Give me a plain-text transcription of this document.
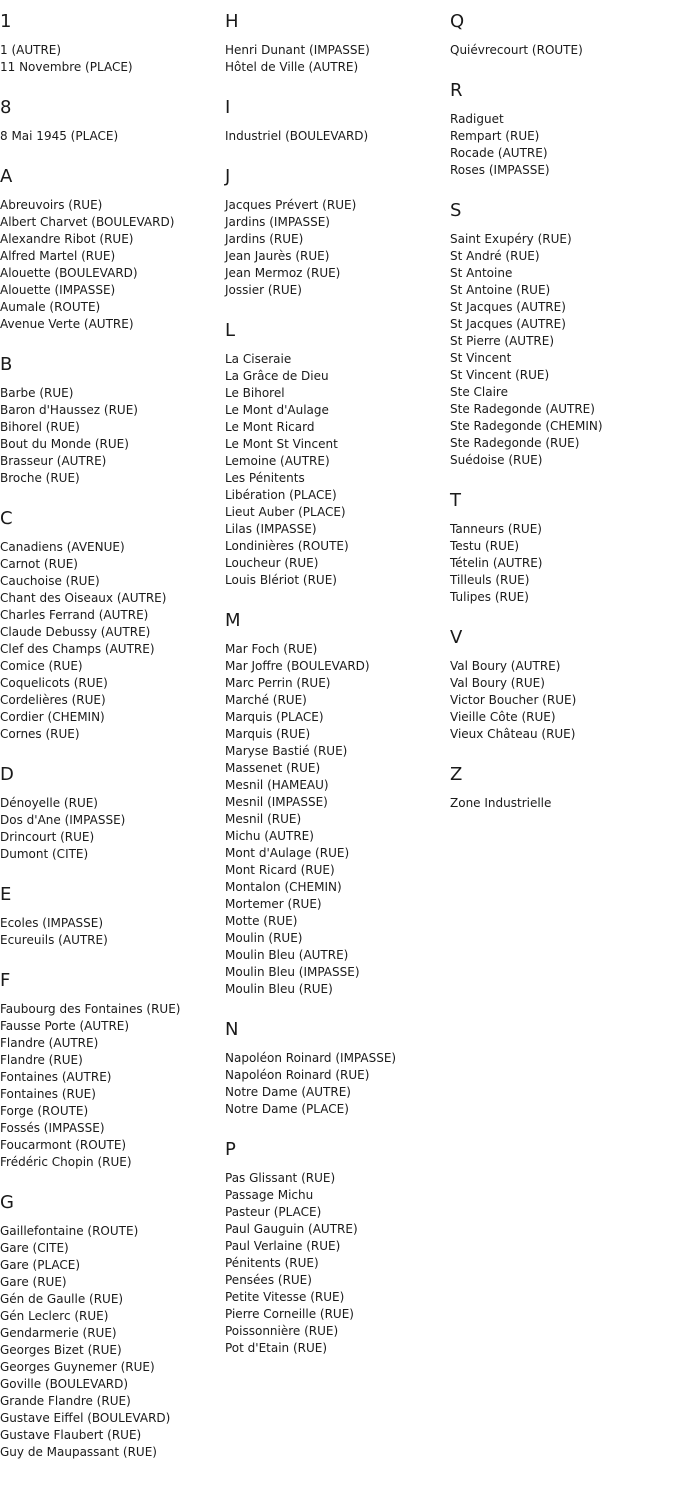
1
1 (AUTRE)
11 Novembre (PLACE)
8
8 Mai 1945 (PLACE)
A
Abreuvoirs (RUE)
Albert Charvet (BOULEVARD)
Alexandre Ribot (RUE)
Alfred Martel (RUE)
Alouette (BOULEVARD)
Alouette (IMPASSE)
Aumale (ROUTE)
Avenue Verte (AUTRE)
B
Barbe (RUE)
Baron d'Haussez (RUE)
Bihorel (RUE)
Bout du Monde (RUE)
Brasseur (AUTRE)
Broche (RUE)
C
Canadiens (AVENUE)
Carnot (RUE)
Cauchoise (RUE)
Chant des Oiseaux (AUTRE)
Charles Ferrand (AUTRE)
Claude Debussy (AUTRE)
Clef des Champs (AUTRE)
Comice (RUE)
Coquelicots (RUE)
Cordelières (RUE)
Cordier (CHEMIN)
Cornes (RUE)
D
Dénoyelle (RUE)
Dos d'Ane (IMPASSE)
Drincourt (RUE)
Dumont (CITE)
E
Ecoles (IMPASSE)
Ecureuils (AUTRE)
F
Faubourg des Fontaines (RUE)
Fausse Porte (AUTRE)
Flandre (AUTRE)
Flandre (RUE)
Fontaines (AUTRE)
Fontaines (RUE)
Forge (ROUTE)
Fossés (IMPASSE)
Foucarmont (ROUTE)
Frédéric Chopin (RUE)
G
Gaillefontaine (ROUTE)
Gare (CITE)
Gare (PLACE)
Gare (RUE)
Gén de Gaulle (RUE)
Gén Leclerc (RUE)
Gendarmerie (RUE)
Georges Bizet (RUE)
Georges Guynemer (RUE)
Goville (BOULEVARD)
Grande Flandre (RUE)
Gustave Eiffel (BOULEVARD)
Gustave Flaubert (RUE)
Guy de Maupassant (RUE)
H
Henri Dunant (IMPASSE)
Hôtel de Ville (AUTRE)
I
Industriel (BOULEVARD)
J
Jacques Prévert (RUE)
Jardins (IMPASSE)
Jardins (RUE)
Jean Jaurès (RUE)
Jean Mermoz (RUE)
Jossier (RUE)
L
La Ciseraie
La Grâce de Dieu
Le Bihorel
Le Mont d'Aulage
Le Mont Ricard
Le Mont St Vincent
Lemoine (AUTRE)
Les Pénitents
Libération (PLACE)
Lieut Auber (PLACE)
Lilas (IMPASSE)
Londinières (ROUTE)
Loucheur (RUE)
Louis Blériot (RUE)
M
Mar Foch (RUE)
Mar Joffre (BOULEVARD)
Marc Perrin (RUE)
Marché (RUE)
Marquis (PLACE)
Marquis (RUE)
Maryse Bastié (RUE)
Massenet (RUE)
Mesnil (HAMEAU)
Mesnil (IMPASSE)
Mesnil (RUE)
Michu (AUTRE)
Mont d'Aulage (RUE)
Mont Ricard (RUE)
Montalon (CHEMIN)
Mortemer (RUE)
Motte (RUE)
Moulin (RUE)
Moulin Bleu (AUTRE)
Moulin Bleu (IMPASSE)
Moulin Bleu (RUE)
N
Napoléon Roinard (IMPASSE)
Napoléon Roinard (RUE)
Notre Dame (AUTRE)
Notre Dame (PLACE)
P
Pas Glissant (RUE)
Passage Michu
Pasteur (PLACE)
Paul Gauguin (AUTRE)
Paul Verlaine (RUE)
Pénitents (RUE)
Pensées (RUE)
Petite Vitesse (RUE)
Pierre Corneille (RUE)
Poissonnière (RUE)
Pot d'Etain (RUE)
Q
Quiévrecourt (ROUTE)
R
Radiguet
Rempart (RUE)
Rocade (AUTRE)
Roses (IMPASSE)
S
Saint Exupéry (RUE)
St André (RUE)
St Antoine
St Antoine (RUE)
St Jacques (AUTRE)
St Jacques (AUTRE)
St Pierre (AUTRE)
St Vincent
St Vincent (RUE)
Ste Claire
Ste Radegonde (AUTRE)
Ste Radegonde (CHEMIN)
Ste Radegonde (RUE)
Suédoise (RUE)
T
Tanneurs (RUE)
Testu (RUE)
Tételin (AUTRE)
Tilleuls (RUE)
Tulipes (RUE)
V
Val Boury (AUTRE)
Val Boury (RUE)
Victor Boucher (RUE)
Vieille Côte (RUE)
Vieux Château (RUE)
Z
Zone Industrielle
